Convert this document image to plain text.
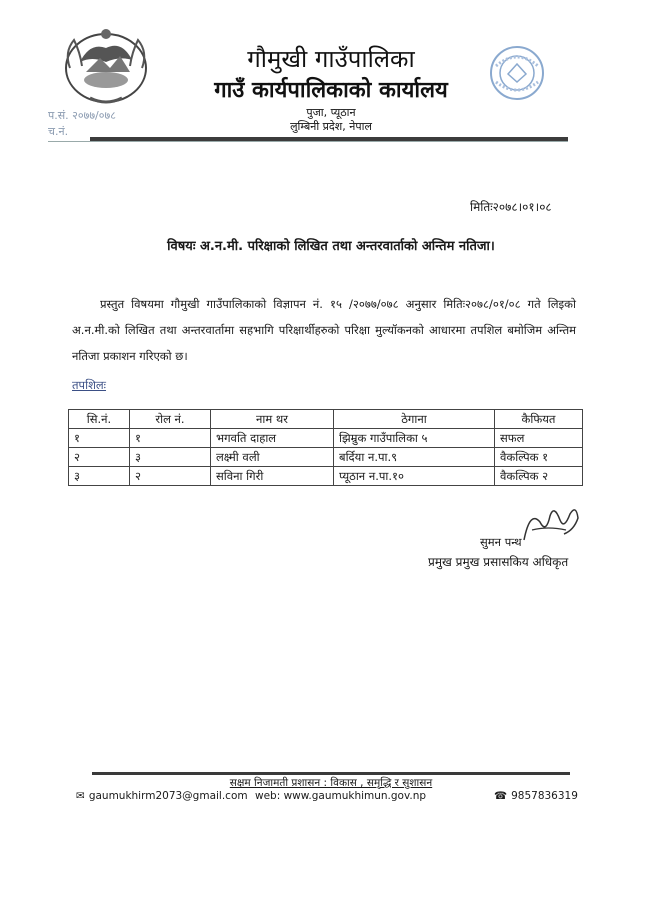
प.सं. २०७७/०७८
च.नं.
गौमुखी गाउँपालिका
गाउँ कार्यपालिकाको कार्यालय
पुजा, प्यूठान
लुम्बिनी प्रदेश, नेपाल
मितिः२०७८।०१।०८
विषयः अ.न.मी. परिक्षाको लिखित तथा अन्तरवार्ताको अन्तिम नतिजा।
प्रस्तुत विषयमा गौमुखी गाउँपालिकाको विज्ञापन नं. १५ /२०७७/०७८ अनुसार मितिः२०७८/०१/०८ गते लिइको अ.न.मी.को लिखित तथा अन्तरवार्तामा सहभागि परिक्षार्थीहरुको परिक्षा मुल्यॉकनको आधारमा तपशिल बमोजिम अन्तिम नतिजा प्रकाशन गरिएको छ।
तपशिलः
सि.नं.	रोल नं.	नाम थर	ठेगाना	कैफियत
१	१	भगवति दाहाल	झिम्रुक गाउँपालिका ५	सफल
२	३	लक्ष्मी वली	बर्दिया न.पा.९	वैकल्पिक १
३	२	सविना गिरी	प्यूठान न.पा.१०	वैकल्पिक २
सुमन पन्थ
प्रमुख प्रमुख प्रसासकिय अधिकृत
सक्षम निजामती प्रशासन : विकास , समृद्धि र सुशासन
✉ gaumukhirm2073@gmail.com web: www.gaumukhimun.gov.np	☎ 9857836319
